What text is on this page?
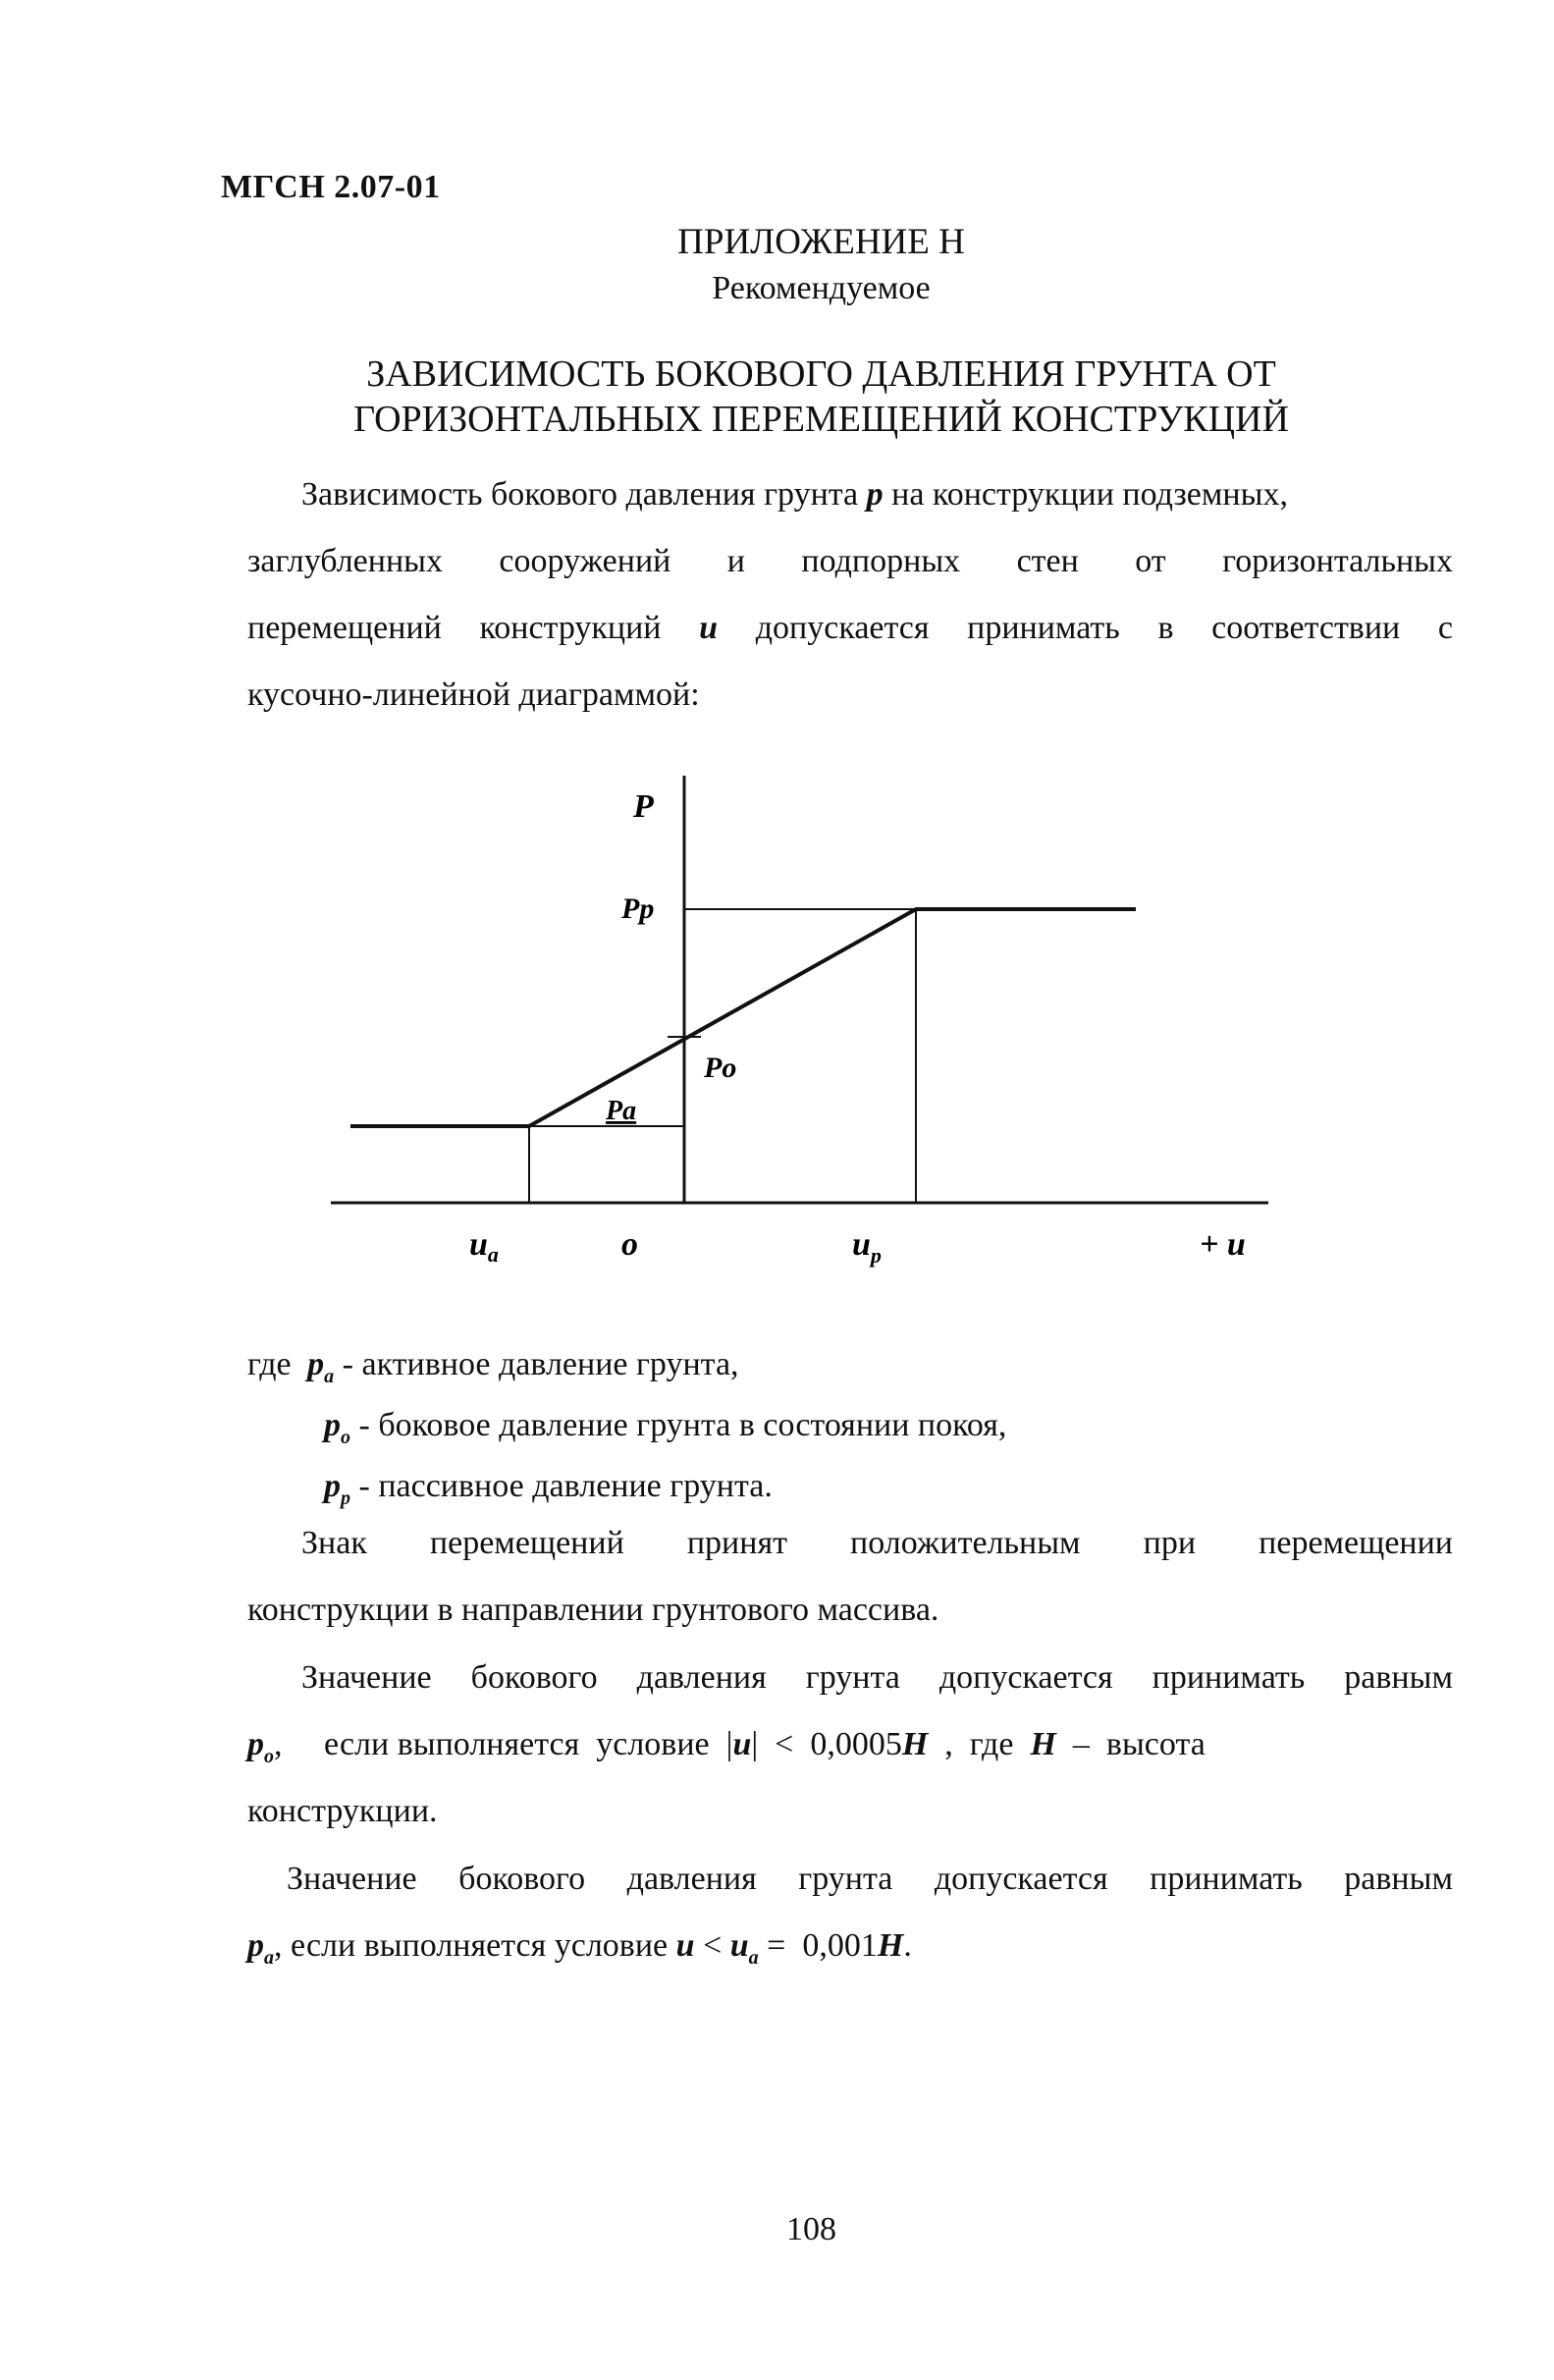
МГСН 2.07-01
ПРИЛОЖЕНИЕ Н
Рекомендуемое
ЗАВИСИМОСТЬ БОКОВОГО ДАВЛЕНИЯ ГРУНТА ОТ
ГОРИЗОНТАЛЬНЫХ ПЕРЕМЕЩЕНИЙ КОНСТРУКЦИЙ
Зависимость бокового давления грунта p на конструкции подземных,
заглубленных сооружений и подпорных стен от горизонтальных
перемещений конструкций u допускается принимать в соответствии с
кусочно-линейной диаграммой:
P
Pp
Po
Pa
$u_a$	o	$u_p$	+ u
где $p_a$ - активное давление грунта,
$p_o$ - боковое давление грунта в состоянии покоя,
$p_p$ - пассивное давление грунта.
Знак перемещений принят положительным при перемещении
конструкции в направлении грунтового массива.
Значение бокового давления грунта допускается принимать равным
$p_o$,     если выполняется  условие  |u|  <  0,0005H  ,  где  H  –  высота
конструкции.
Значение бокового давления грунта допускается принимать равным
$p_a$, если выполняется условие $u < u_a = 0,001H$.
108
